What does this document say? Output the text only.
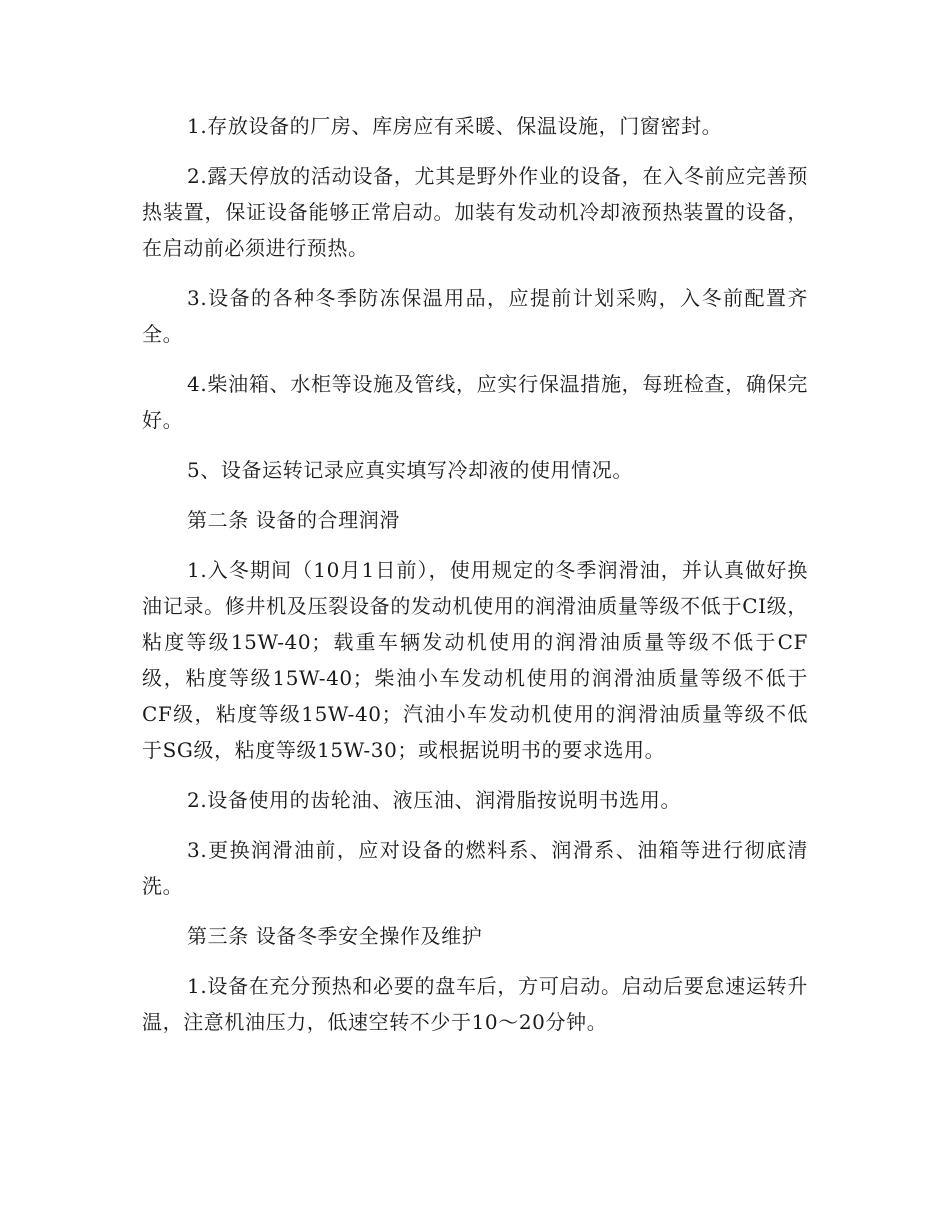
1.存放设备的厂房、库房应有采暖、保温设施，门窗密封。

2.露天停放的活动设备，尤其是野外作业的设备，在入冬前应完善预热装置，保证设备能够正常启动。加装有发动机冷却液预热装置的设备，在启动前必须进行预热。

3.设备的各种冬季防冻保温用品，应提前计划采购，入冬前配置齐全。

4.柴油箱、水柜等设施及管线，应实行保温措施，每班检查，确保完好。

5、设备运转记录应真实填写冷却液的使用情况。

第二条 设备的合理润滑

1.入冬期间（10月1日前），使用规定的冬季润滑油，并认真做好换油记录。修井机及压裂设备的发动机使用的润滑油质量等级不低于CI级，粘度等级15W-40；载重车辆发动机使用的润滑油质量等级不低于CF级，粘度等级15W-40；柴油小车发动机使用的润滑油质量等级不低于CF级，粘度等级15W-40；汽油小车发动机使用的润滑油质量等级不低于SG级，粘度等级15W-30；或根据说明书的要求选用。

2.设备使用的齿轮油、液压油、润滑脂按说明书选用。

3.更换润滑油前，应对设备的燃料系、润滑系、油箱等进行彻底清洗。

第三条 设备冬季安全操作及维护

1.设备在充分预热和必要的盘车后，方可启动。启动后要怠速运转升温，注意机油压力，低速空转不少于10～20分钟。
